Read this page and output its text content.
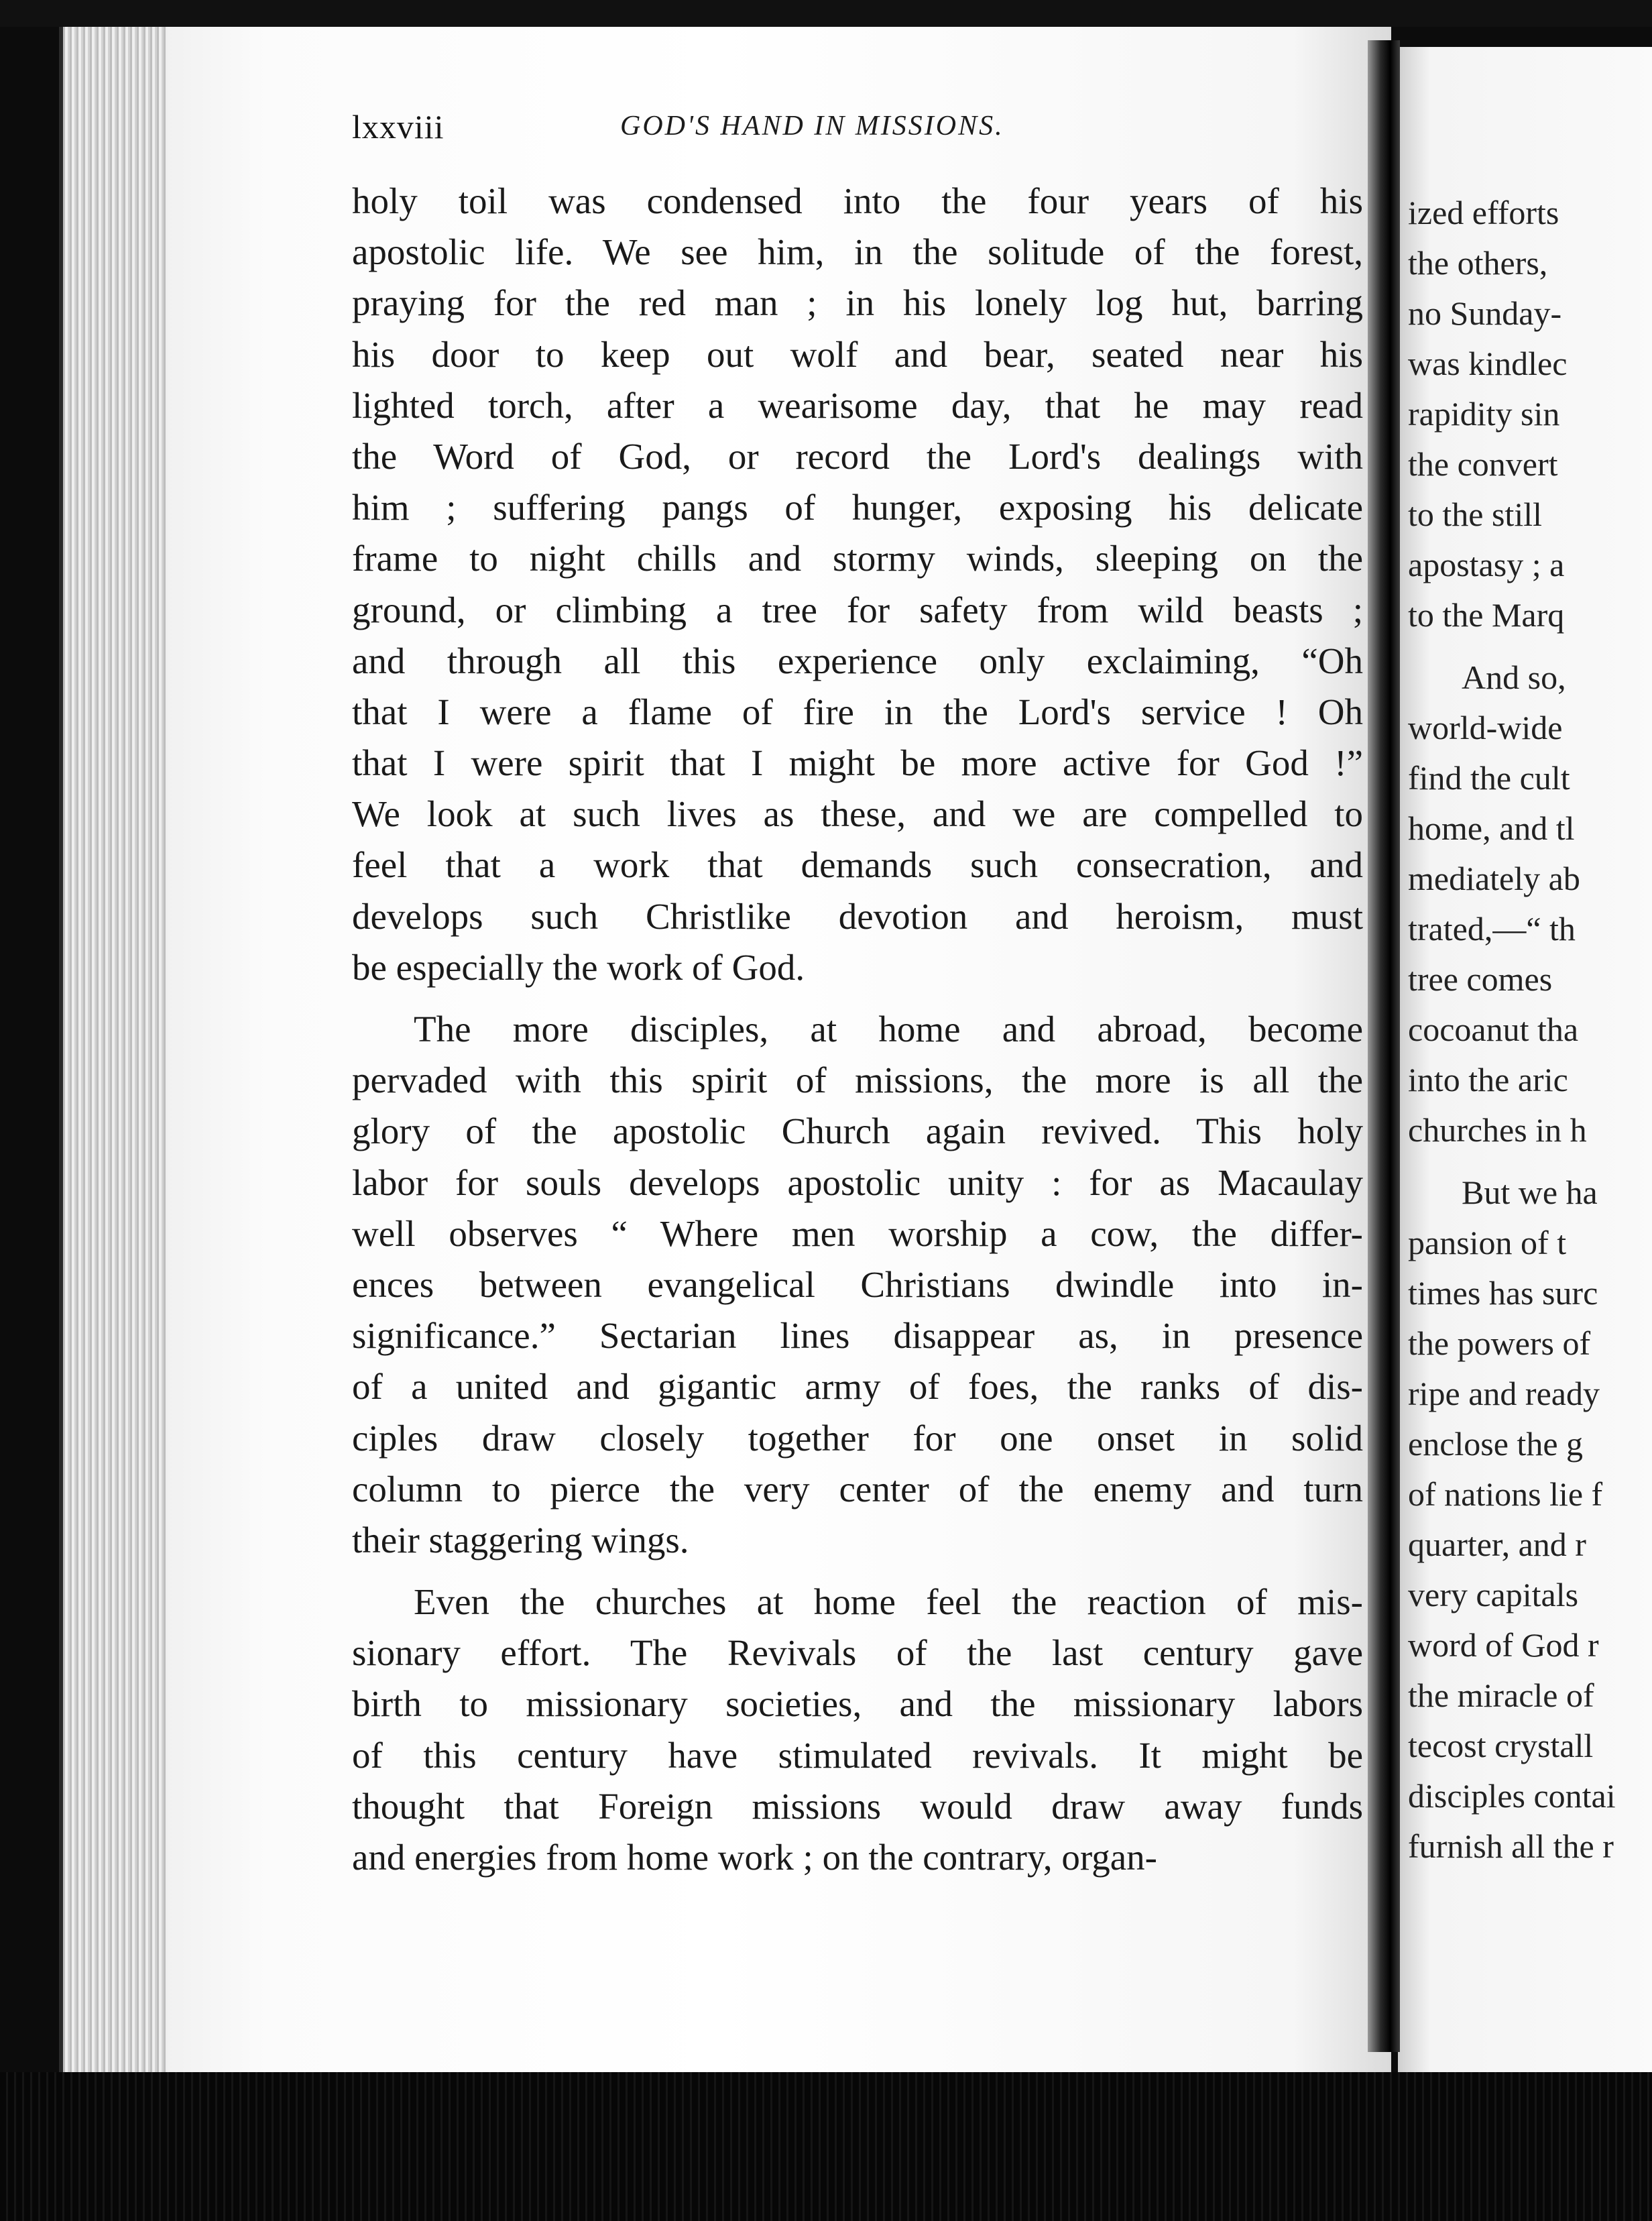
lxxviii	GOD'S HAND IN MISSIONS.
holy toil was condensed into the four years of his
apostolic life. We see him, in the solitude of the forest,
praying for the red man ; in his lonely log hut, barring
his door to keep out wolf and bear, seated near his
lighted torch, after a wearisome day, that he may read
the Word of God, or record the Lord's dealings with
him ; suffering pangs of hunger, exposing his delicate
frame to night chills and stormy winds, sleeping on the
ground, or climbing a tree for safety from wild beasts ;
and through all this experience only exclaiming, “Oh
that I were a flame of fire in the Lord's service ! Oh
that I were spirit that I might be more active for God !”
We look at such lives as these, and we are compelled to
feel that a work that demands such consecration, and
develops such Christlike devotion and heroism, must
be especially the work of God.
The more disciples, at home and abroad, become
pervaded with this spirit of missions, the more is all the
glory of the apostolic Church again revived. This holy
labor for souls develops apostolic unity : for as Macaulay
well observes “ Where men worship a cow, the differ-
ences between evangelical Christians dwindle into in-
significance.” Sectarian lines disappear as, in presence
of a united and gigantic army of foes, the ranks of dis-
ciples draw closely together for one onset in solid
column to pierce the very center of the enemy and turn
their staggering wings.
Even the churches at home feel the reaction of mis-
sionary effort. The Revivals of the last century gave
birth to missionary societies, and the missionary labors
of this century have stimulated revivals. It might be
thought that Foreign missions would draw away funds
and energies from home work ; on the contrary, organ-
ized efforts
the others,
no Sunday-
was kindlec
rapidity sin
the convert
to the still
apostasy ; a
to the Marq
And so,
world-wide
find the cult
home, and tl
mediately ab
trated,—“ th
tree comes
cocoanut tha
into the aric
churches in h
But we ha
pansion of t
times has surc
the powers of
ripe and ready
enclose the g
of nations lie f
quarter, and r
very capitals
word of God r
the miracle of
tecost crystall
disciples contai
furnish all the r
